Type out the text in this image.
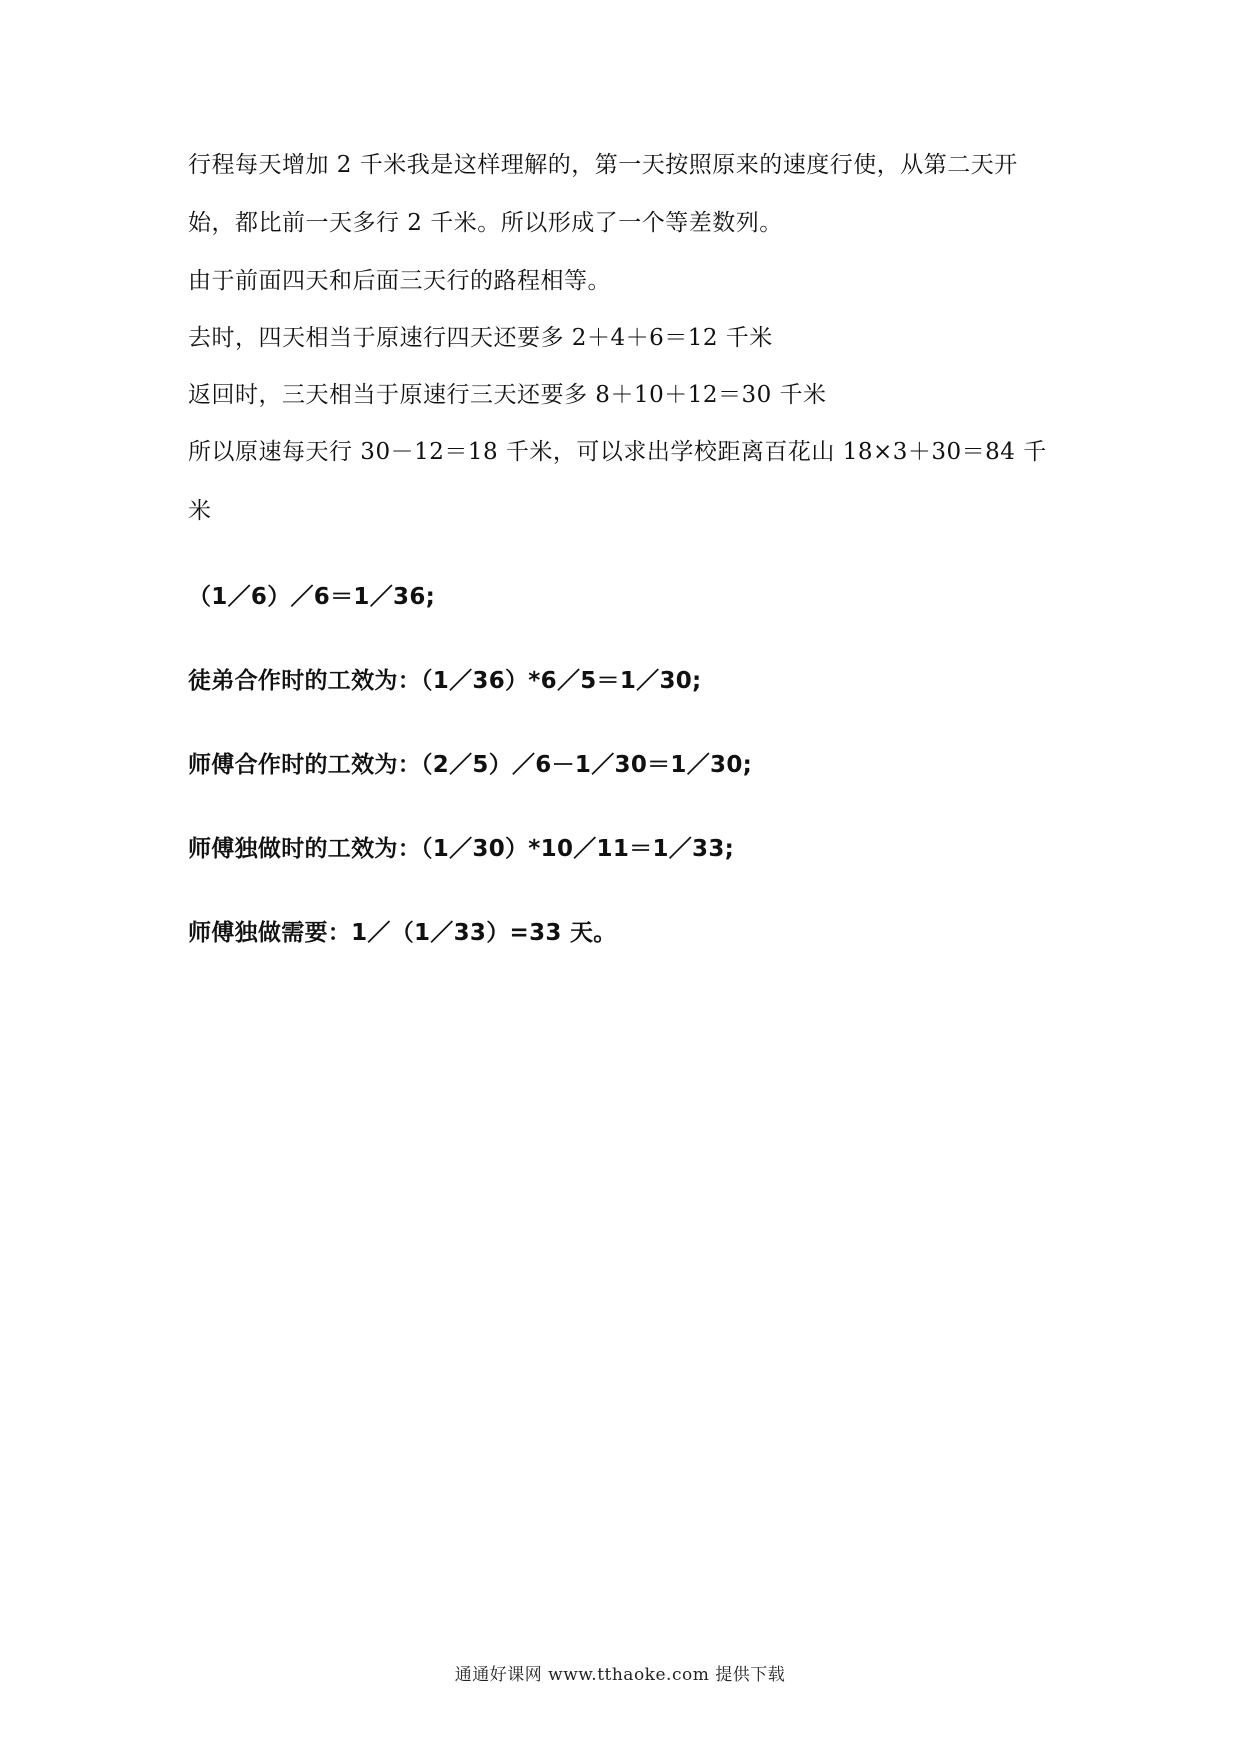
行程每天增加 2 千米我是这样理解的，第一天按照原来的速度行使，从第二天开
始，都比前一天多行 2 千米。所以形成了一个等差数列。
由于前面四天和后面三天行的路程相等。
去时，四天相当于原速行四天还要多 2＋4＋6＝12 千米
返回时，三天相当于原速行三天还要多 8＋10＋12＝30 千米
所以原速每天行 30－12＝18 千米，可以求出学校距离百花山 18×3＋30＝84 千
米
（1／6）／6＝1／36;
徒弟合作时的工效为：（1／36）*6／5＝1／30;
师傅合作时的工效为：（2／5）／6－1／30＝1／30;
师傅独做时的工效为：（1／30）*10／11＝1／33;
师傅独做需要：1／（1／33）=33 天。
通通好课网 www.tthaoke.com 提供下载
